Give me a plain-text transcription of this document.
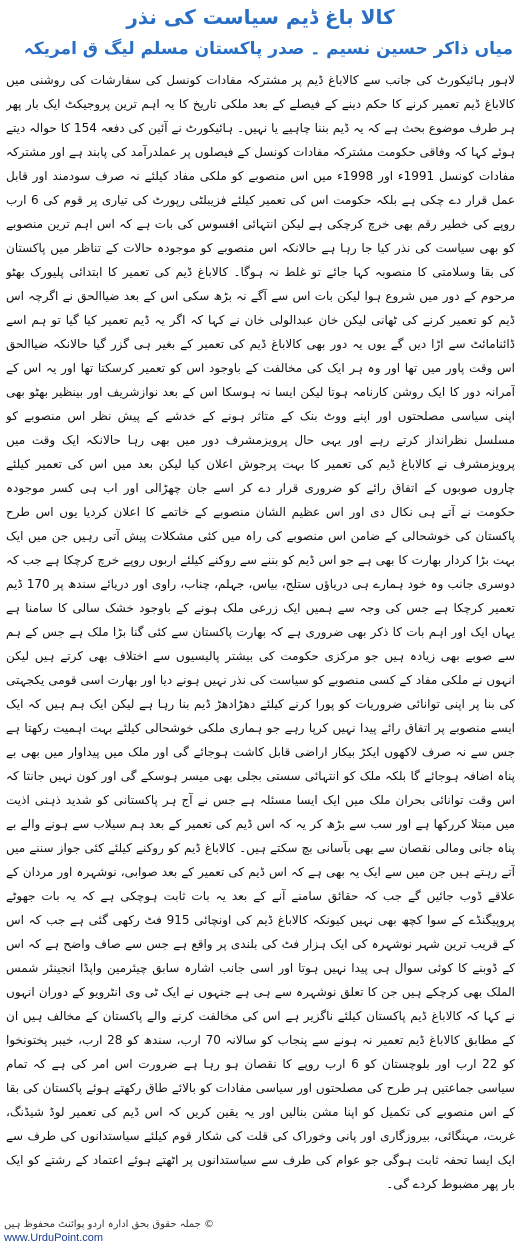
کالا باغ ڈیم سیاست کی نذر
میاں ذاکر حسین نسیم ۔ صدر پاکستان مسلم لیگ ق امریکہ

لاہور ہائیکورٹ کی جانب سے کالاباغ ڈیم پر مشترکہ مفادات کونسل کی سفارشات کی روشنی میں کالاباغ ڈیم تعمیر کرنے کا حکم دینے کے فیصلے کے بعد ملکی تاریخ کا یہ اہم ترین پروجیکٹ ایک بار پھر ہر طرف موضوع بحث ہے کہ یہ ڈیم بننا چاہیے یا نہیں۔ ہائیکورٹ نے آئین کی دفعہ 154 کا حوالہ دیتے ہوئے کہا کہ وفاقی حکومت مشترکہ مفادات کونسل کے فیصلوں پر عملدرآمد کی پابند ہے اور مشترکہ مفادات کونسل 1991ء اور 1998ء میں اس منصوبے کو ملکی مفاد کیلئے نہ صرف سودمند اور قابل عمل قرار دے چکی ہے بلکہ حکومت اس کی تعمیر کیلئے فزیبلٹی رپورٹ کی تیاری پر قوم کی 6 ارب روپے کی خطیر رقم بھی خرچ کرچکی ہے لیکن انتہائی افسوس کی بات ہے کہ اس اہم ترین منصوبے کو بھی سیاست کی نذر کیا جا رہا ہے حالانکہ اس منصوبے کو موجودہ حالات کے تناظر میں پاکستان کی بقا وسلامتی کا منصوبہ کہا جائے تو غلط نہ ہوگا۔ کالاباغ ڈیم کی تعمیر کا ابتدائی پلیورک بھٹو مرحوم کے دور میں شروع ہوا لیکن بات اس سے آگے نہ بڑھ سکی اس کے بعد ضیاالحق نے اگرچہ اس ڈیم کو تعمیر کرنے کی ٹھانی لیکن خان عبدالولی خان نے کہا کہ اگر یہ ڈیم تعمیر کیا گیا تو ہم اسے ڈائنامائٹ سے اڑا دیں گے یوں یہ دور بھی کالاباغ ڈیم کی تعمیر کے بغیر ہی گزر گیا حالانکہ ضیاالحق اس وقت پاور میں تھا اور وہ ہر ایک کی مخالفت کے باوجود اس کو تعمیر کرسکتا تھا اور یہ اس کے آمرانہ دور کا ایک روشن کارنامہ ہوتا لیکن ایسا نہ ہوسکا اس کے بعد نوازشریف اور بینظیر بھٹو بھی اپنی سیاسی مصلحتوں اور اپنے ووٹ بنک کے متاثر ہونے کے خدشے کے پیش نظر اس منصوبے کو مسلسل نظرانداز کرتے رہے اور یہی حال پرویزمشرف دور میں بھی رہا حالانکہ ایک وقت میں پرویزمشرف نے کالاباغ ڈیم کی تعمیر کا بہت پرجوش اعلان کیا لیکن بعد میں اس کی تعمیر کیلئے چاروں صوبوں کے اتفاق رائے کو ضروری قرار دے کر اسے جان چھڑالی اور اب ہی کسر موجودہ حکومت نے آتے ہی نکال دی اور اس عظیم الشان منصوبے کے خاتمے کا اعلان کردیا یوں اس طرح پاکستان کی خوشحالی کے ضامن اس منصوبے کی راہ میں کئی مشکلات پیش آتی رہیں جن میں ایک بہت بڑا کردار بھارت کا بھی ہے جو اس ڈیم کو بننے سے روکنے کیلئے اربوں روپے خرچ کرچکا ہے جب کہ دوسری جانب وہ خود ہمارے ہی دریاؤں ستلج، بیاس، جہلم، چناب، راوی اور دریائے سندھ پر 170 ڈیم تعمیر کرچکا ہے جس کی وجہ سے ہمیں ایک زرعی ملک ہونے کے باوجود خشک سالی کا سامنا ہے یہاں ایک اور اہم بات کا ذکر بھی ضروری ہے کہ بھارت پاکستان سے کئی گنا بڑا ملک ہے جس کے ہم سے صوبے بھی زیادہ ہیں جو مرکزی حکومت کی بیشتر پالیسیوں سے اختلاف بھی کرتے ہیں لیکن انہوں نے ملکی مفاد کے کسی منصوبے کو سیاست کی نذر نہیں ہونے دیا اور بھارت اسی قومی یکجہتی کی بنا پر اپنی توانائی ضروریات کو پورا کرنے کیلئے دھڑادھڑ ڈیم بنا رہا ہے لیکن ایک ہم ہیں کہ ایک ایسے منصوبے پر اتفاق رائے پیدا نہیں کرپا رہے جو ہماری ملکی خوشحالی کیلئے بہت اہمیت رکھتا ہے جس سے نہ صرف لاکھوں ایکڑ بیکار اراضی قابل کاشت ہوجائے گی اور ملک میں پیداوار میں بھی بے پناہ اضافہ ہوجائے گا بلکہ ملک کو انتہائی سستی بجلی بھی میسر ہوسکے گی اور کون نہیں جانتا کہ اس وقت توانائی بحران ملک میں ایک ایسا مسئلہ ہے جس نے آج ہر پاکستانی کو شدید ذہنی اذیت میں مبتلا کررکھا ہے اور سب سے بڑھ کر یہ کہ اس ڈیم کی تعمیر کے بعد ہم سیلاب سے ہونے والے بے پناہ جانی ومالی نقصان سے بھی بآسانی بچ سکتے ہیں۔ کالاباغ ڈیم کو روکنے کیلئے کئی جواز سننے میں آتے رہتے ہیں جن میں سے ایک یہ بھی ہے کہ اس ڈیم کی تعمیر کے بعد صوابی، نوشہرہ اور مردان کے علاقے ڈوب جائیں گے جب کہ حقائق سامنے آنے کے بعد یہ بات ثابت ہوچکی ہے کہ یہ بات جھوٹے پروپیگنڈے کے سوا کچھ بھی نہیں کیونکہ کالاباغ ڈیم کی اونچائی 915 فٹ رکھی گئی ہے جب کہ اس کے قریب ترین شہر نوشہرہ کی ایک ہزار فٹ کی بلندی پر واقع ہے جس سے صاف واضح ہے کہ اس کے ڈوبنے کا کوئی سوال ہی پیدا نہیں ہوتا اور اسی جانب اشارہ سابق چیئرمین واپڈا انجینئر شمس الملک بھی کرچکے ہیں جن کا تعلق نوشہرہ سے ہی ہے جنہوں نے ایک ٹی وی انٹرویو کے دوران انہوں نے کہا کہ کالاباغ ڈیم پاکستان کیلئے ناگزیر ہے اس کی مخالفت کرنے والے پاکستان کے مخالف ہیں ان کے مطابق کالاباغ ڈیم تعمیر نہ ہونے سے پنجاب کو سالانہ 70 ارب، سندھ کو 28 ارب، خیبر پختونخوا کو 22 ارب اور بلوچستان کو 6 ارب روپے کا نقصان ہو رہا ہے ضرورت اس امر کی ہے کہ تمام سیاسی جماعتیں ہر طرح کی مصلحتوں اور سیاسی مفادات کو بالائے طاق رکھتے ہوئے پاکستان کی بقا کے اس منصوبے کی تکمیل کو اپنا مشن بنالیں اور یہ یقین کریں کہ اس ڈیم کی تعمیر لوڈ شیڈنگ، غربت، مہنگائی، بیروزگاری اور پانی وخوراک کی قلت کی شکار قوم کیلئے سیاستدانوں کی طرف سے ایک ایسا تحفہ ثابت ہوگی جو عوام کی طرف سے سیاستدانوں پر اٹھتے ہوئے اعتماد کے رشتے کو ایک بار پھر مضبوط کردے گی۔

© جملہ حقوق بحق ادارہ اردو پوائنٹ محفوظ ہیں
www.UrduPoint.com
